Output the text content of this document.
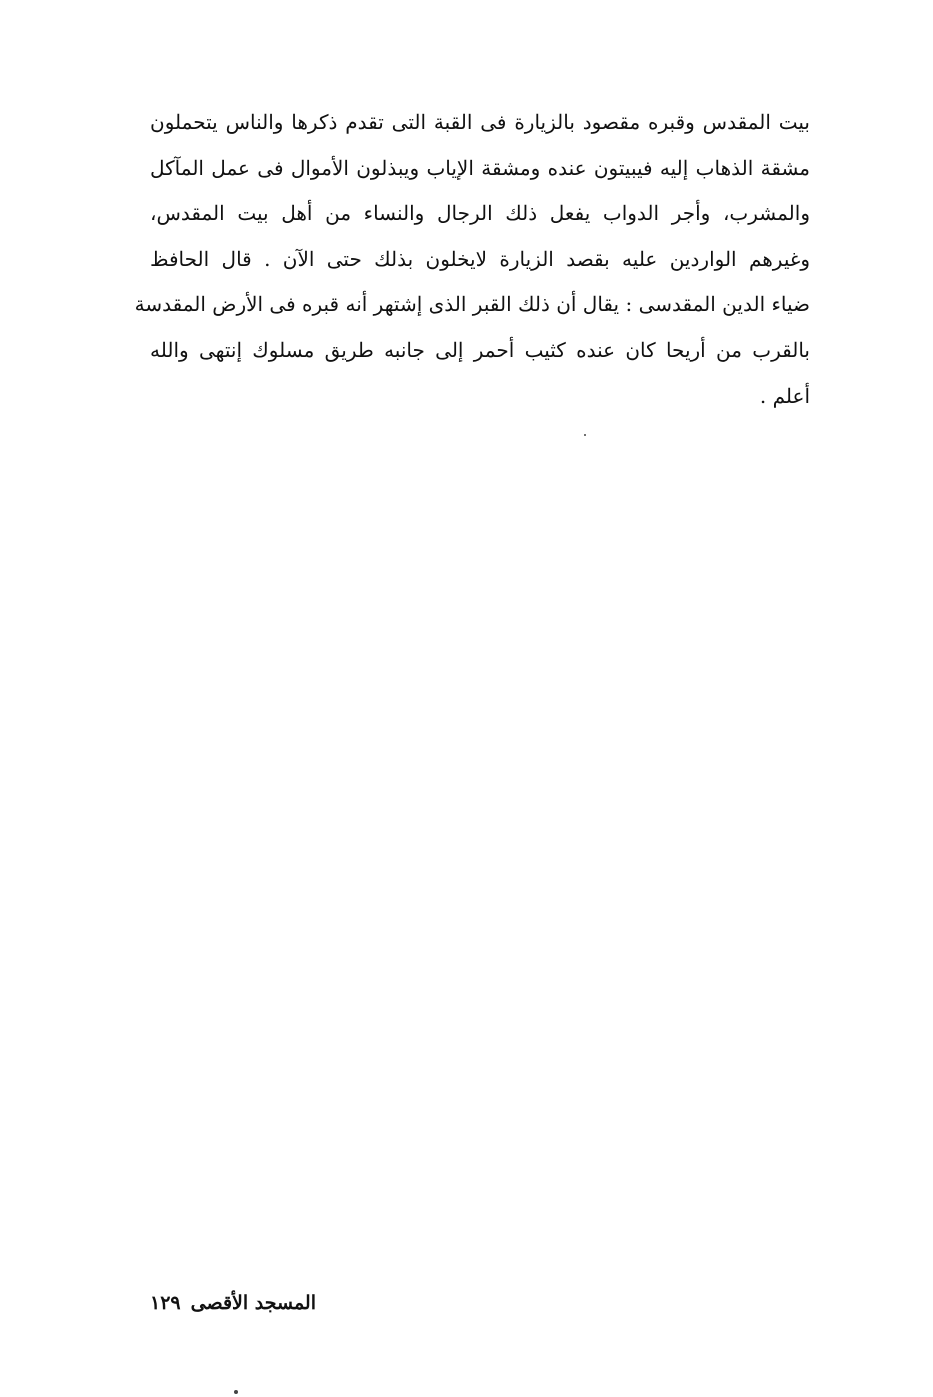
بيت المقدس وقبره مقصود بالزيارة فى القبة التى تقدم ذكرها والناس يتحملون

مشقة الذهاب إليه فيبيتون عنده ومشقة الإياب ويبذلون الأموال فى عمل المآكل

والمشرب، وأجر الدواب يفعل ذلك الرجال والنساء من أهل بيت المقدس،

وغيرهم الواردين عليه بقصد الزيارة لايخلون بذلك حتى الآن . قال الحافظ

ضياء الدين المقدسى : يقال أن ذلك القبر الذى إشتهر أنه قبره فى الأرض المقدسة

بالقرب من أريحا كان عنده كثيب أحمر إلى جانبه طريق مسلوك إنتهى والله

أعلم .

المسجد الأقصى
١٢٩
